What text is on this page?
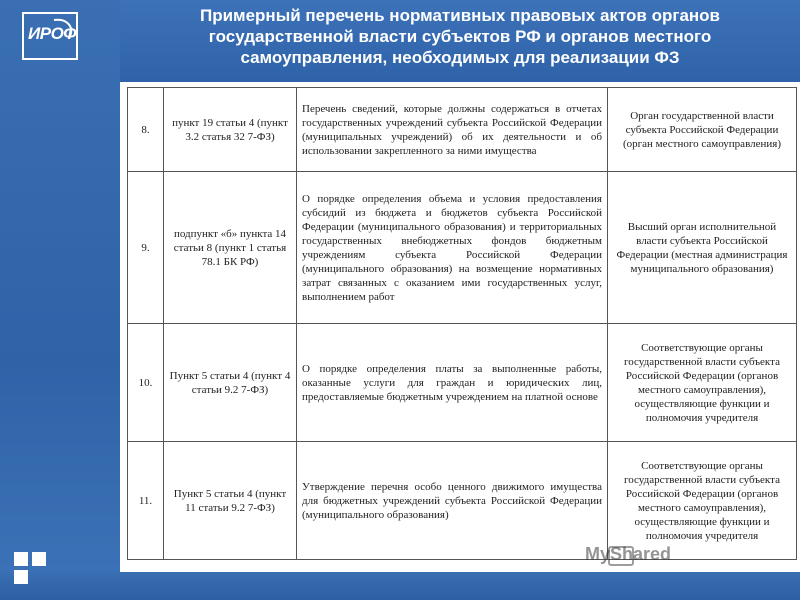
ИРОФ
Примерный перечень нормативных правовых актов органов государственной власти субъектов РФ и органов местного самоуправления, необходимых для реализации ФЗ
8.	пункт 19 статьи 4 (пункт 3.2 статья 32 7-ФЗ)	Перечень сведений, которые должны содержаться в отчетах государственных учреждений субъекта Российской Федерации (муниципальных учреждений) об их деятельности и об использовании закрепленного за ними имущества	Орган государственной власти субъекта Российской Федерации (орган местного самоуправления)
9.	подпункт «б» пункта 14 статьи 8 (пункт 1 статья 78.1 БК РФ)	О порядке определения объема и условия предоставления субсидий из бюджета и бюджетов субъекта Российской Федерации (муниципального образования) и территориальных государственных внебюджетных фондов бюджетным учреждениям субъекта Российской Федерации (муниципального образования) на возмещение нормативных затрат связанных с оказанием ими государственных услуг, выполнением работ	Высший орган исполнительной власти субъекта Российской Федерации (местная администрация муниципального образования)
10.	Пункт 5 статьи 4 (пункт 4 статьи 9.2 7-ФЗ)	О порядке определения платы за выполненные работы, оказанные услуги для граждан и юридических лиц, предоставляемые бюджетным учреждением на платной основе	Соответствующие органы государственной власти субъекта Российской Федерации (органов местного самоуправления), осуществляющие функции и полномочия учредителя
11.	Пункт 5 статьи 4 (пункт 11 статьи 9.2 7-ФЗ)	Утверждение перечня особо ценного движимого имущества для бюджетных учреждений субъекта Российской Федерации (муниципального образования)	Соответствующие органы государственной власти субъекта Российской Федерации (органов местного самоуправления), осуществляющие функции и полномочия учредителя
MyShared
